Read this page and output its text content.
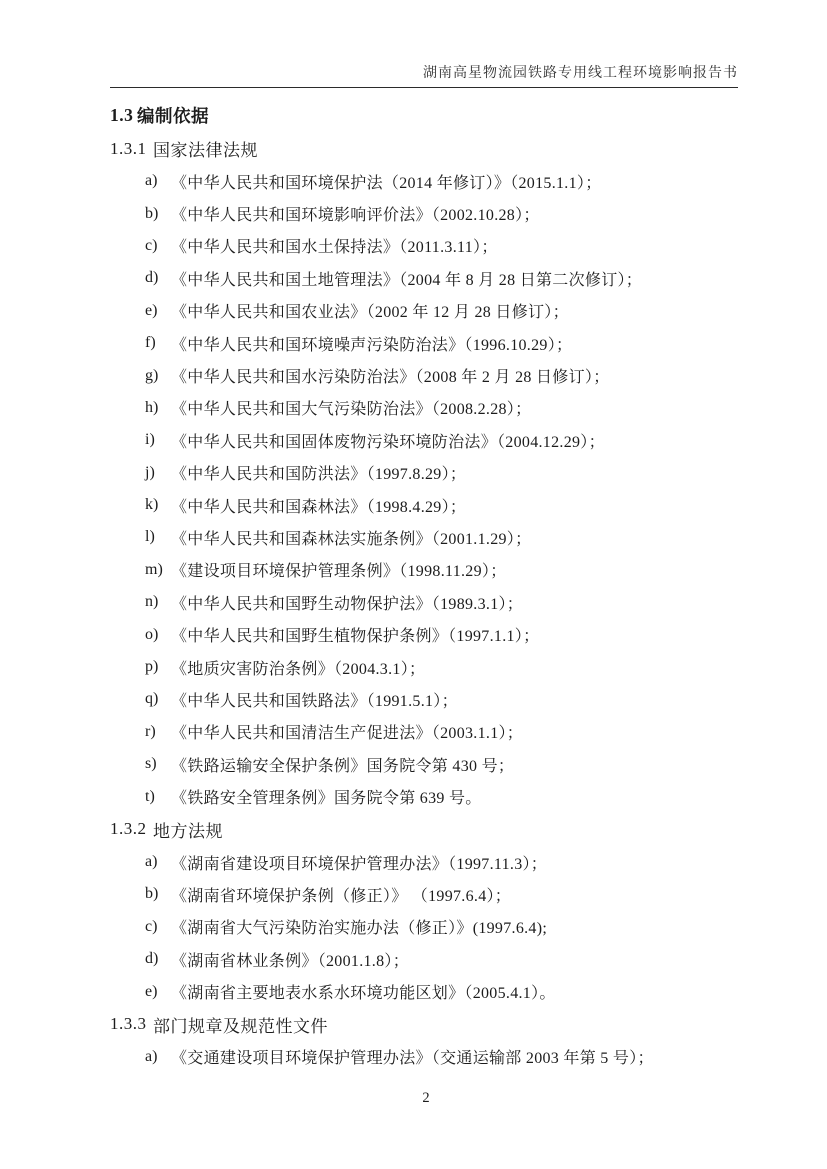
湖南高星物流园铁路专用线工程环境影响报告书
1.3 编制依据
1.3.1 国家法律法规
a) 《中华人民共和国环境保护法（2014 年修订）》（2015.1.1）；
b) 《中华人民共和国环境影响评价法》（2002.10.28）；
c) 《中华人民共和国水土保持法》（2011.3.11）；
d) 《中华人民共和国土地管理法》（2004 年 8 月 28 日第二次修订）；
e) 《中华人民共和国农业法》（2002 年 12 月 28 日修订）；
f) 《中华人民共和国环境噪声污染防治法》（1996.10.29）；
g) 《中华人民共和国水污染防治法》（2008 年 2 月 28 日修订）；
h) 《中华人民共和国大气污染防治法》（2008.2.28）；
i)	《中华人民共和国固体废物污染环境防治法》（2004.12.29）；
j)	《中华人民共和国防洪法》（1997.8.29）；
k) 《中华人民共和国森林法》（1998.4.29）；
l)	《中华人民共和国森林法实施条例》（2001.1.29）；
m) 《建设项目环境保护管理条例》（1998.11.29）；
n) 《中华人民共和国野生动物保护法》（1989.3.1）；
o) 《中华人民共和国野生植物保护条例》（1997.1.1）；
p) 《地质灾害防治条例》（2004.3.1）；
q) 《中华人民共和国铁路法》（1991.5.1）；
r) 《中华人民共和国清洁生产促进法》（2003.1.1）；
s) 《铁路运输安全保护条例》国务院令第 430 号；
t)	《铁路安全管理条例》国务院令第 639 号。
1.3.2 地方法规
a) 《湖南省建设项目环境保护管理办法》（1997.11.3）；
b) 《湖南省环境保护条例（修正）》 （1997.6.4）；
c) 《湖南省大气污染防治实施办法（修正）》(1997.6.4);
d) 《湖南省林业条例》（2001.1.8）；
e) 《湖南省主要地表水系水环境功能区划》（2005.4.1）。
1.3.3 部门规章及规范性文件
a) 《交通建设项目环境保护管理办法》（交通运输部 2003 年第 5 号）；
2
